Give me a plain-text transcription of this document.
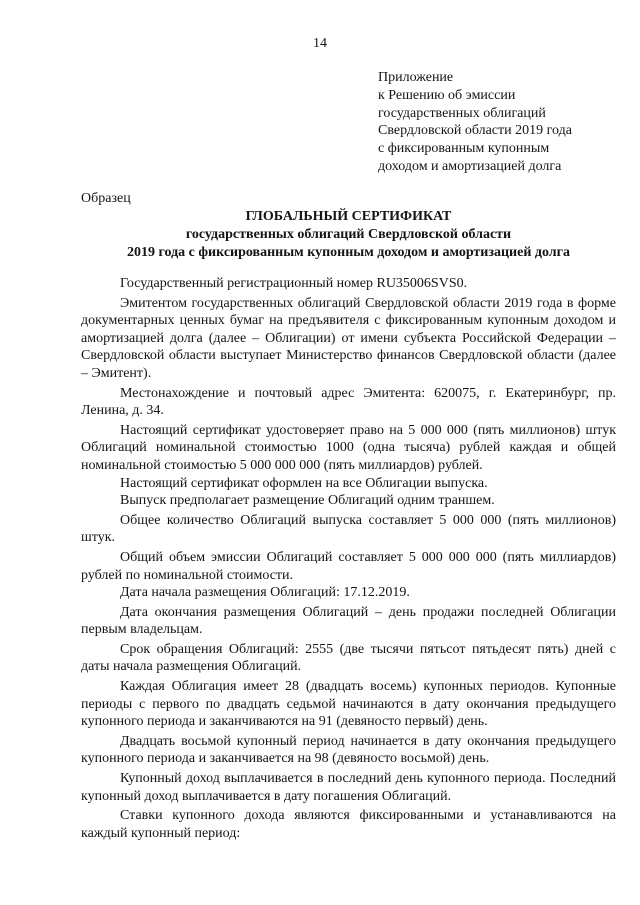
14
Приложение
к Решению об эмиссии
государственных облигаций
Свердловской области 2019 года
с фиксированным купонным
доходом и амортизацией долга
Образец
ГЛОБАЛЬНЫЙ СЕРТИФИКАТ
государственных облигаций Свердловской области
2019 года с фиксированным купонным доходом и амортизацией долга

Государственный регистрационный номер RU35006SVS0.

Эмитентом государственных облигаций Свердловской области 2019 года в форме документарных ценных бумаг на предъявителя с фиксированным купонным доходом и амортизацией долга (далее – Облигации) от имени субъекта Российской Федерации – Свердловской области выступает Министерство финансов Свердловской области (далее – Эмитент).

Местонахождение и почтовый адрес Эмитента: 620075, г. Екатеринбург, пр. Ленина, д. 34.

Настоящий сертификат удостоверяет право на 5 000 000 (пять миллионов) штук Облигаций номинальной стоимостью 1000 (одна тысяча) рублей каждая и общей номинальной стоимостью 5 000 000 000 (пять миллиардов) рублей.

Настоящий сертификат оформлен на все Облигации выпуска.

Выпуск предполагает размещение Облигаций одним траншем.

Общее количество Облигаций выпуска составляет 5 000 000 (пять миллионов) штук.

Общий объем эмиссии Облигаций составляет 5 000 000 000 (пять миллиардов) рублей по номинальной стоимости.

Дата начала размещения Облигаций: 17.12.2019.

Дата окончания размещения Облигаций – день продажи последней Облигации первым владельцам.

Срок обращения Облигаций: 2555 (две тысячи пятьсот пятьдесят пять) дней с даты начала размещения Облигаций.

Каждая Облигация имеет 28 (двадцать восемь) купонных периодов. Купонные периоды с первого по двадцать седьмой начинаются в дату окончания предыдущего купонного периода и заканчиваются на 91 (девяносто первый) день.

Двадцать восьмой купонный период начинается в дату окончания предыдущего купонного периода и заканчивается на 98 (девяносто восьмой) день.

Купонный доход выплачивается в последний день купонного периода. Последний купонный доход выплачивается в дату погашения Облигаций.

Ставки купонного дохода являются фиксированными и устанавливаются на каждый купонный период:
